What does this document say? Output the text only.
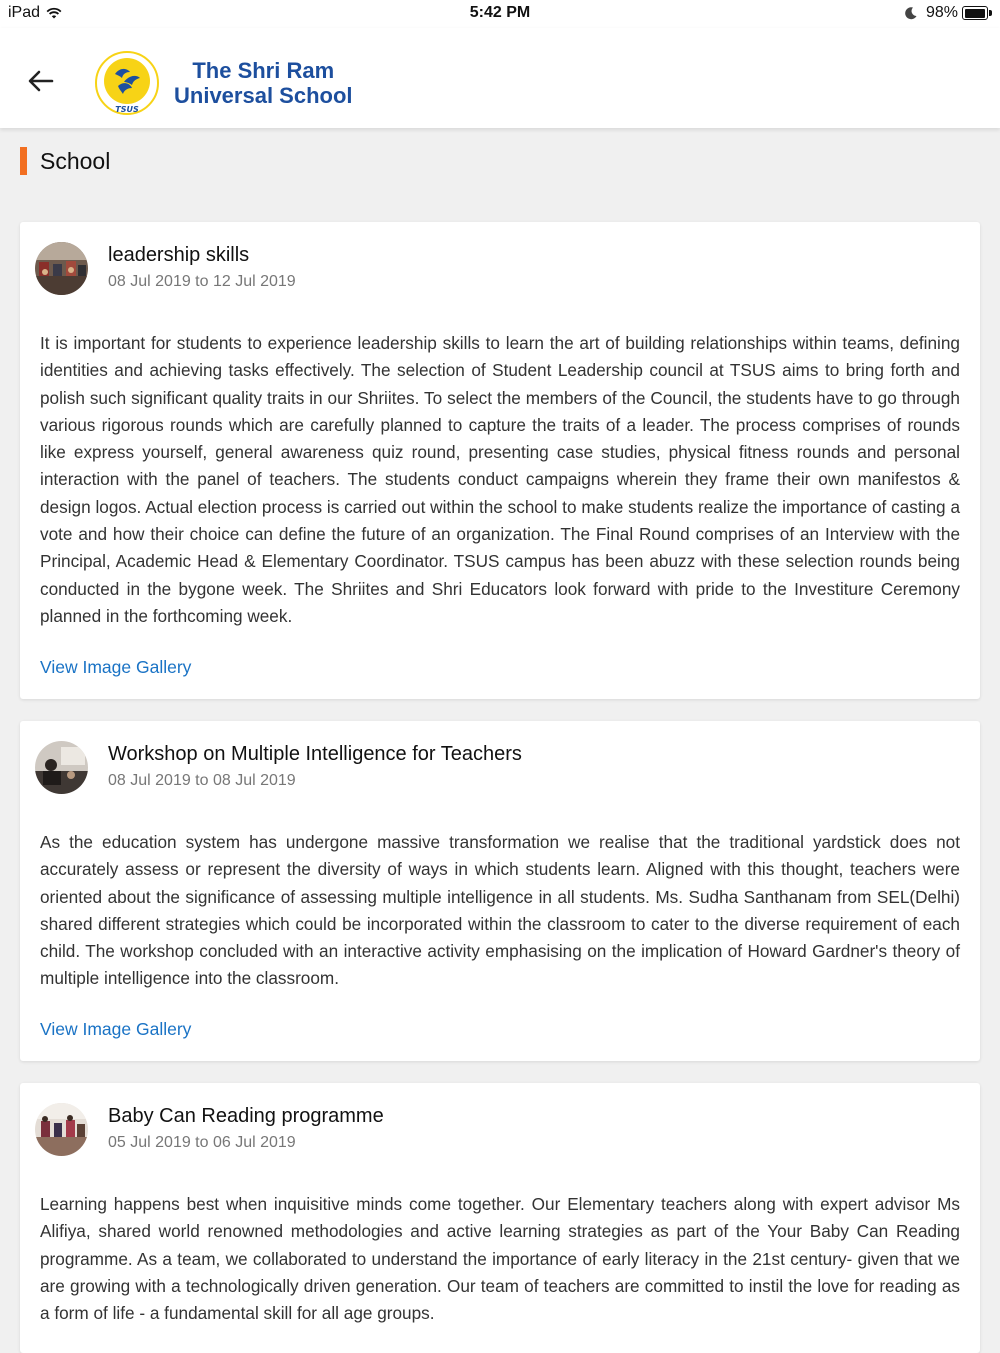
iPad	5:42 PM	98%
TSUS
The Shri Ram
Universal School
School
leadership skills
08 Jul 2019 to 12 Jul 2019
It is important for students to experience leadership skills to learn the art of building relationships within teams, defining identities and achieving tasks effectively. The selection of Student Leadership council at TSUS aims to bring forth and polish such significant quality traits in our Shriites. To select the members of the Council, the students have to go through various rigorous rounds which are carefully planned to capture the traits of a leader. The process comprises of rounds like express yourself, general awareness quiz round, presenting case studies, physical fitness rounds and personal interaction with the panel of teachers. The students conduct campaigns wherein they frame their own manifestos & design logos. Actual election process is carried out within the school to make students realize the importance of casting a vote and how their choice can define the future of an organization. The Final Round comprises of an Interview with the Principal, Academic Head & Elementary Coordinator. TSUS campus has been abuzz with these selection rounds being conducted in the bygone week. The Shriites and Shri Educators look forward with pride to the Investiture Ceremony planned in the forthcoming week.
View Image Gallery
Workshop on Multiple Intelligence for Teachers
08 Jul 2019 to 08 Jul 2019
As the education system has undergone massive transformation we realise that the traditional yardstick does not accurately assess or represent the diversity of ways in which students learn. Aligned with this thought, teachers were oriented about the significance of assessing multiple intelligence in all students. Ms. Sudha Santhanam from SEL(Delhi) shared different strategies which could be incorporated within the classroom to cater to the diverse requirement of each child. The workshop concluded with an interactive activity emphasising on the implication of Howard Gardner's theory of multiple intelligence into the classroom.
View Image Gallery
Baby Can Reading programme
05 Jul 2019 to 06 Jul 2019
Learning happens best when inquisitive minds come together. Our Elementary teachers along with expert advisor Ms Alifiya, shared world renowned methodologies and active learning strategies as part of the Your Baby Can Reading programme. As a team, we collaborated to understand the importance of early literacy in the 21st century- given that we are growing with a technologically driven generation. Our team of teachers are committed to instil the love for reading as a form of life - a fundamental skill for all age groups.
